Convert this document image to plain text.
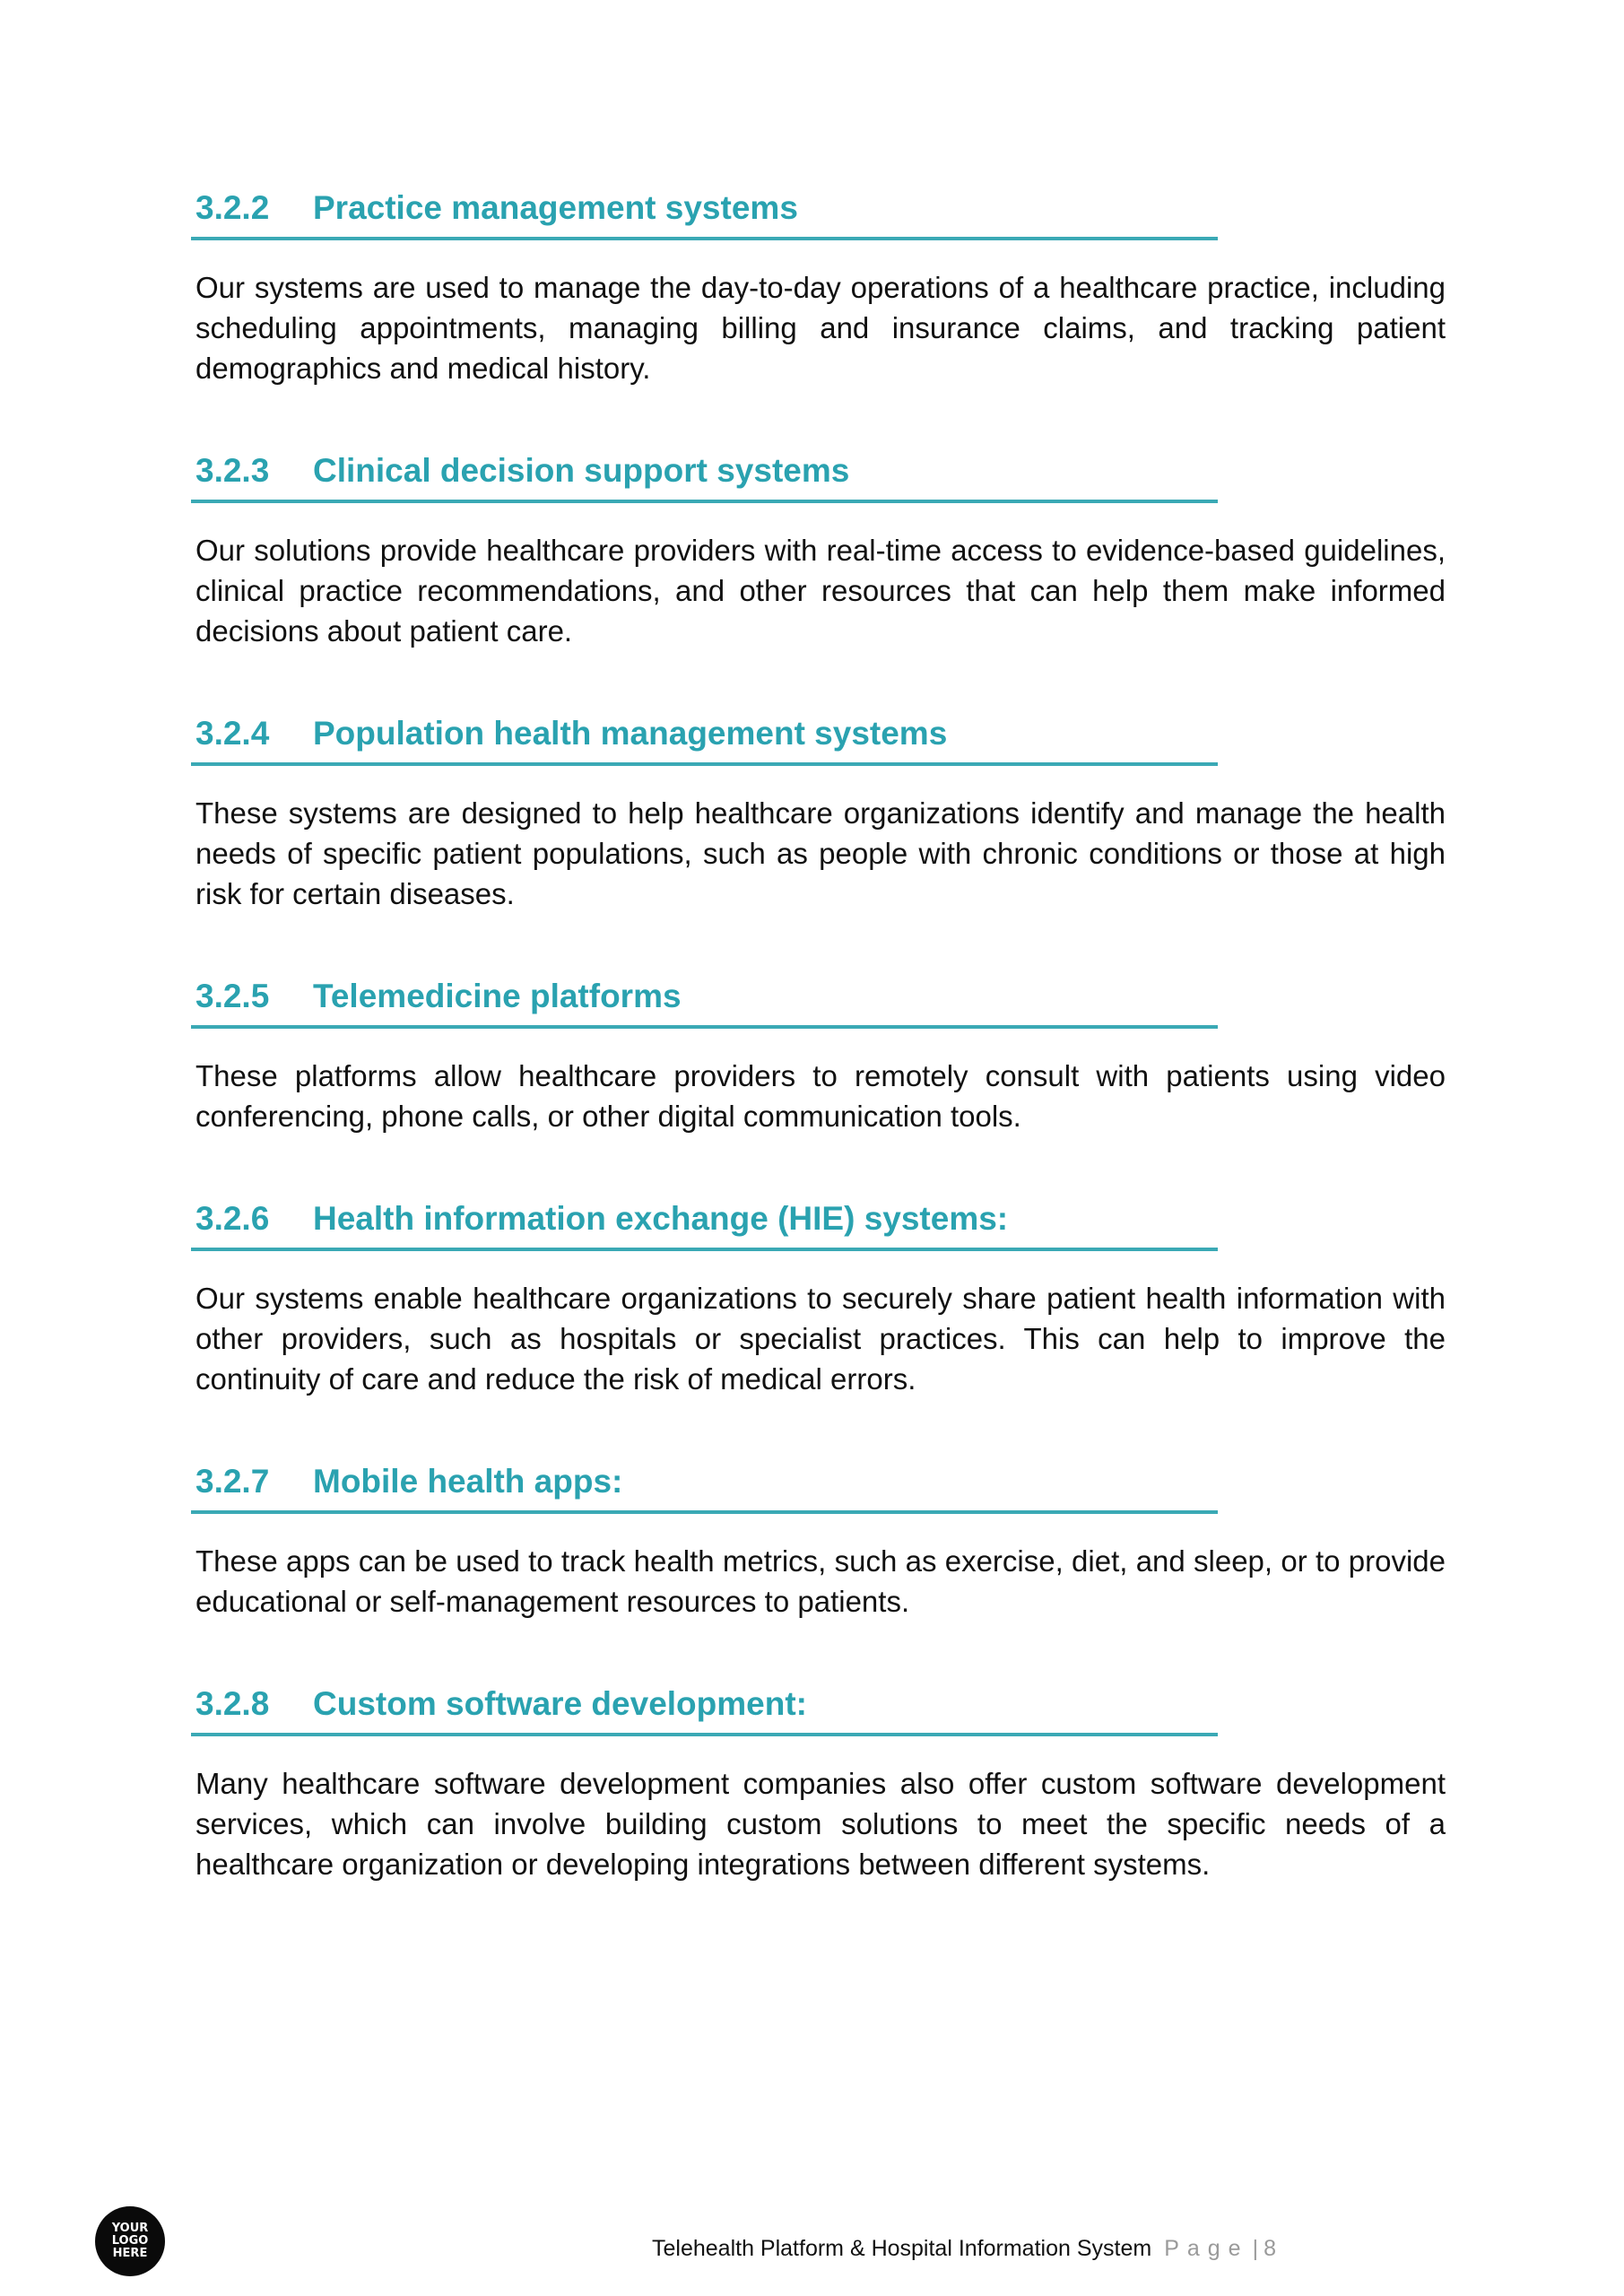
3.2.2	Practice management systems

Our systems are used to manage the day-to-day operations of a healthcare practice, including scheduling appointments, managing billing and insurance claims, and tracking patient demographics and medical history.

3.2.3	Clinical decision support systems

Our solutions provide healthcare providers with real-time access to evidence-based guidelines, clinical practice recommendations, and other resources that can help them make informed decisions about patient care.

3.2.4	Population health management systems

These systems are designed to help healthcare organizations identify and manage the health needs of specific patient populations, such as people with chronic conditions or those at high risk for certain diseases.

3.2.5	Telemedicine platforms

These platforms allow healthcare providers to remotely consult with patients using video conferencing, phone calls, or other digital communication tools.

3.2.6	Health information exchange (HIE) systems:

Our systems enable healthcare organizations to securely share patient health information with other providers, such as hospitals or specialist practices. This can help to improve the continuity of care and reduce the risk of medical errors.

3.2.7	Mobile health apps:

These apps can be used to track health metrics, such as exercise, diet, and sleep, or to provide educational or self-management resources to patients.

3.2.8	Custom software development:

Many healthcare software development companies also offer custom software development services, which can involve building custom solutions to meet the specific needs of a healthcare organization or developing integrations between different systems.

YOUR
LOGO
HERE	Telehealth Platform & Hospital Information System Page | 8
